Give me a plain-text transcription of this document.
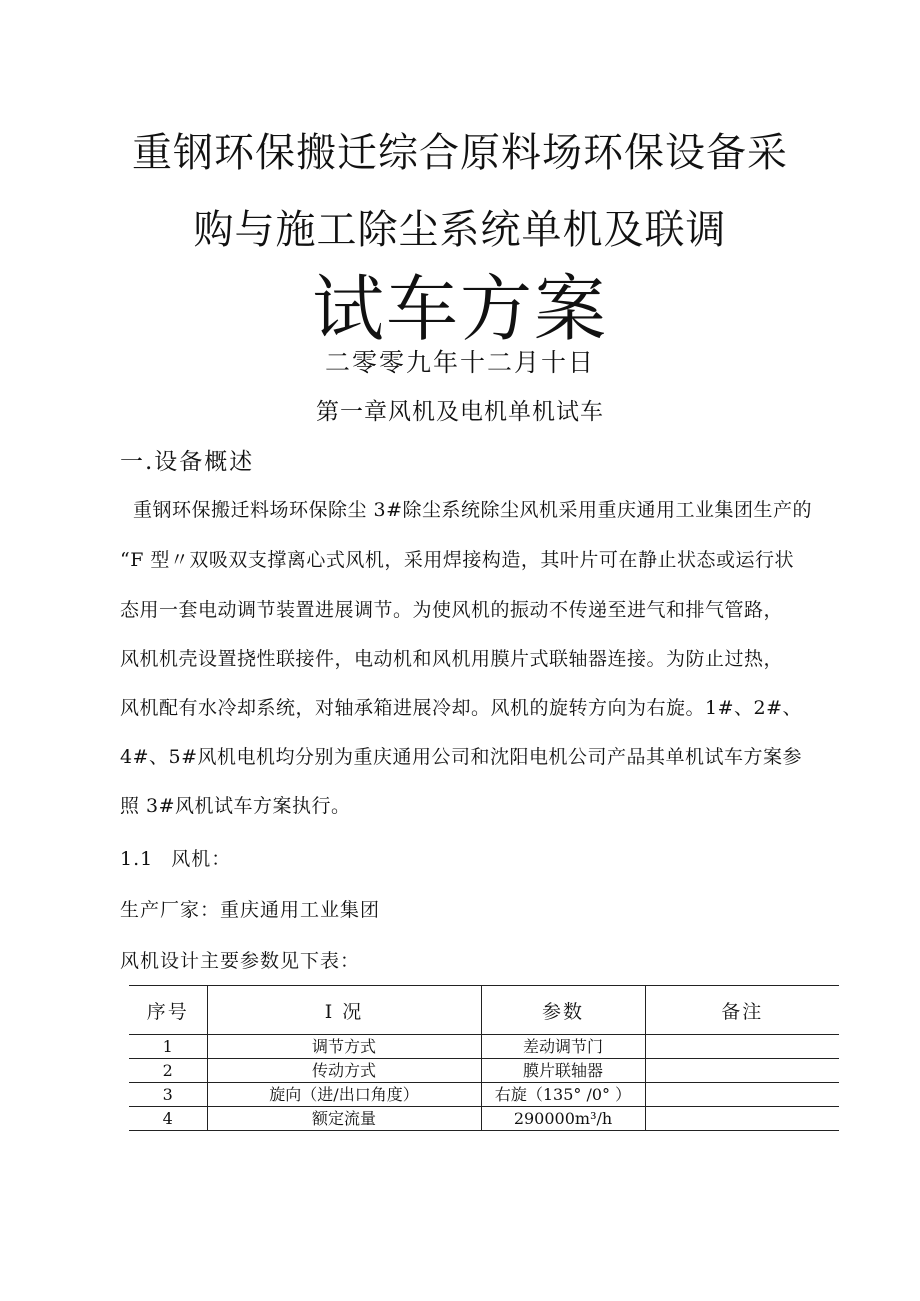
重钢环保搬迁综合原料场环保设备采
购与施工除尘系统单机及联调
试车方案
二零零九年十二月十日
第一章风机及电机单机试车
一.设备概述
重钢环保搬迁料场环保除尘 3#除尘系统除尘风机采用重庆通用工业集团生产的
“F 型〃双吸双支撑离心式风机，采用焊接构造，其叶片可在静止状态或运行状
态用一套电动调节装置进展调节。为使风机的振动不传递至进气和排气管路，
风机机壳设置挠性联接件，电动机和风机用膜片式联轴器连接。为防止过热，
风机配有水冷却系统，对轴承箱进展冷却。风机的旋转方向为右旋。1#、2#、
4#、5#风机电机均分别为重庆通用公司和沈阳电机公司产品其单机试车方案参
照 3#风机试车方案执行。
1.1 风机：
生产厂家：重庆通用工业集团
风机设计主要参数见下表：
序号	I 况	参数	备注
1	调节方式	差动调节门	
2	传动方式	膜片联轴器	
3	旋向（进/出口角度）	右旋（135° /0° ）	
4	额定流量	290000m³/h	
